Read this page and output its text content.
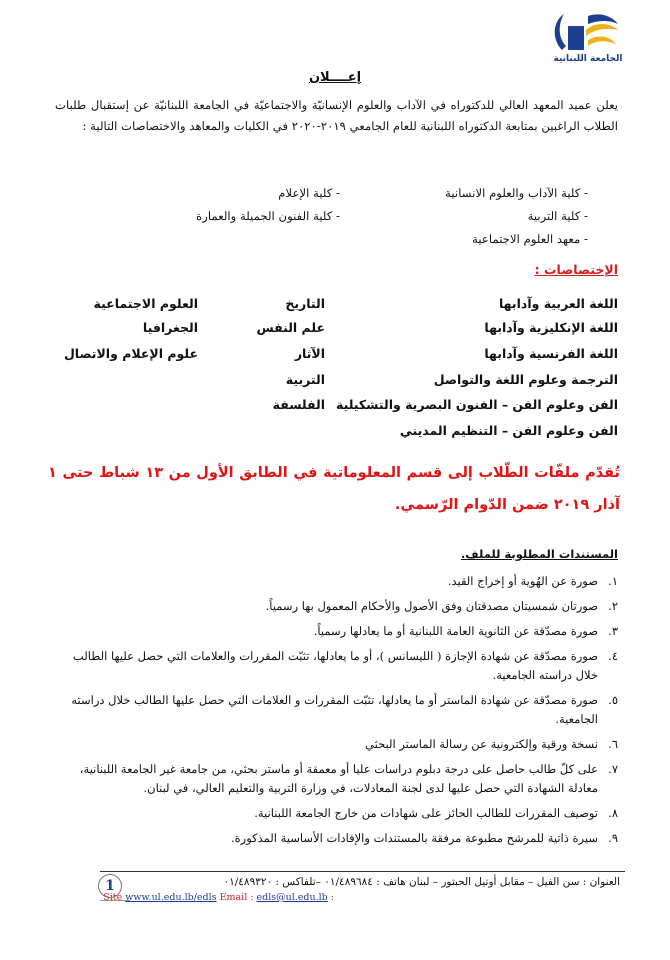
الجامعة اللبنانية
إعــــلان

يعلن عميد المعهد العالي للدكتوراه في الآداب والعلوم الإنسانيّة والاجتماعيّة في الجامعة اللبنانيّة عن إستقبال طلبات الطلاب الراغبين بمتابعة الدكتوراه اللبنانية للعام الجامعي ٢٠١٩-٢٠٢٠ في الكليات والمعاهد والاختصاصات التالية :

- كلية الآداب والعلوم الانسانية
- كلية الإعلام
- كلية التربية
- كلية الفنون الجميلة والعمارة
- معهد العلوم الاجتماعية
الإختصاصات :
اللغة العربية وآدابها
اللغة الإنكليزية وآدابها
اللغة الفرنسية وآدابها
الترجمة وعلوم اللغة والتواصل
الفن وعلوم الفن – الفنون البصرية والتشكيلية
الفن وعلوم الفن – التنظيم المديني
التاريخ
علم النفس
الآثار
التربية
الفلسفة
العلوم الاجتماعية
الجغرافيا
علوم الإعلام والاتصال
تُقدّم ملفّات الطّلاب إلى قسم المعلوماتية في الطابق الأول من ١٣ شباط حتى ١ آذار ٢٠١٩ ضمن الدّوام الرّسمي.
المستندات المطلوبة للملف.
١.
صورة عن الهُوية أو إخراج القيد.
٢.
صورتان شمسيتان مصدقتان وفق الأصول والأحكام المعمول بها رسمياً.
٣.
صورة مصدّقة عن الثانوية العامة اللبنانية أو ما يعادلها رسمياً.
٤.
صورة مصدّقة عن شهادة الإجازة ( الليسانس )، أو ما يعادلها، تثبّت المقررات والعلامات التي حصل عليها الطالب خلال دراسته الجامعية.
٥.
صورة مصدّقة عن شهادة الماستر أو ما يعادلها، تثبّت المقررات و العلامات التي حصل عليها الطالب خلال دراسته الجامعية.
٦.
نسخة ورقية وإلكترونية عن رسالة الماستر البحثي
٧.
على كلّ طالب حاصل على درجة دبلوم دراسات عليا أو معمقة أو ماستر بحثي، من جامعة غير الجامعة اللبنانية، معادلة الشهادة التي حصل عليها لدى لجنة المعادلات، في وزارة التربية والتعليم العالي، في لبنان.
٨.
توصيف المقررات للطالب الحائز على شهادات من خارج الجامعة اللبنانية.
٩.
سيرة ذاتية للمرشح مطبوعة مرفقة بالمستندات والإفادات الأساسية المذكورة.
العنوان : سن الفيل – مقابل أوتيل الحبتور – لبنان هاتف : ٠١/٤٨٩٦٨٤ –تلفاكس : ٠١/٤٨٩٣٢٠
Site www.ul.edu.lb/edls Email : edls@ul.edu.lb :
1
